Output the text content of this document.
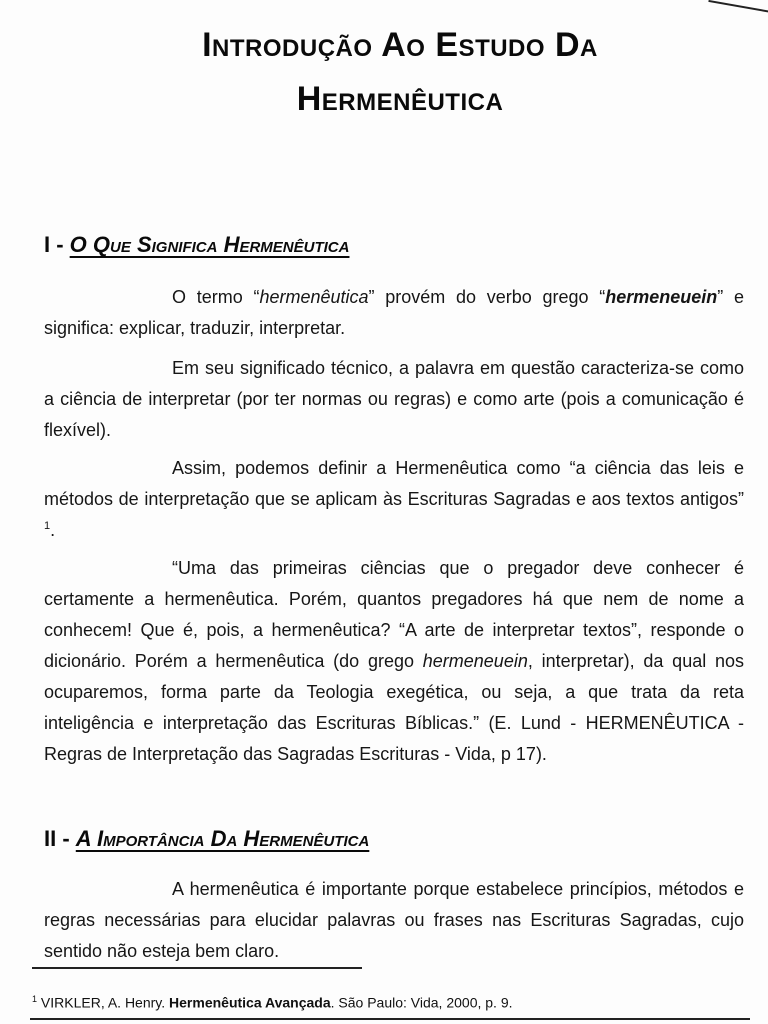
Introdução Ao Estudo Da
Hermenêutica
I - O Que Significa Hermenêutica
O termo “hermenêutica” provém do verbo grego “hermeneuein” e significa: explicar, traduzir, interpretar.
Em seu significado técnico, a palavra em questão caracteriza-se como a ciência de interpretar (por ter normas ou regras) e como arte (pois a comunicação é flexível).
Assim, podemos definir a Hermenêutica como “a ciência das leis e métodos de interpretação que se aplicam às Escrituras Sagradas e aos textos antigos” $^1$.
“Uma das primeiras ciências que o pregador deve conhecer é certamente a hermenêutica. Porém, quantos pregadores há que nem de nome a conhecem! Que é, pois, a hermenêutica? “A arte de interpretar textos”, responde o dicionário. Porém a hermenêutica (do grego hermeneuein, interpretar), da qual nos ocuparemos, forma parte da Teologia exegética, ou seja, a que trata da reta inteligência e interpretação das Escrituras Bíblicas.” (E. Lund - HERMENÊUTICA - Regras de Interpretação das Sagradas Escrituras - Vida, p 17).
II - A Importância Da Hermenêutica
A hermenêutica é importante porque estabelece princípios, métodos e regras necessárias para elucidar palavras ou frases nas Escrituras Sagradas, cujo sentido não esteja bem claro.
$^1$ VIRKLER, A. Henry. Hermenêutica Avançada. São Paulo: Vida, 2000, p. 9.
